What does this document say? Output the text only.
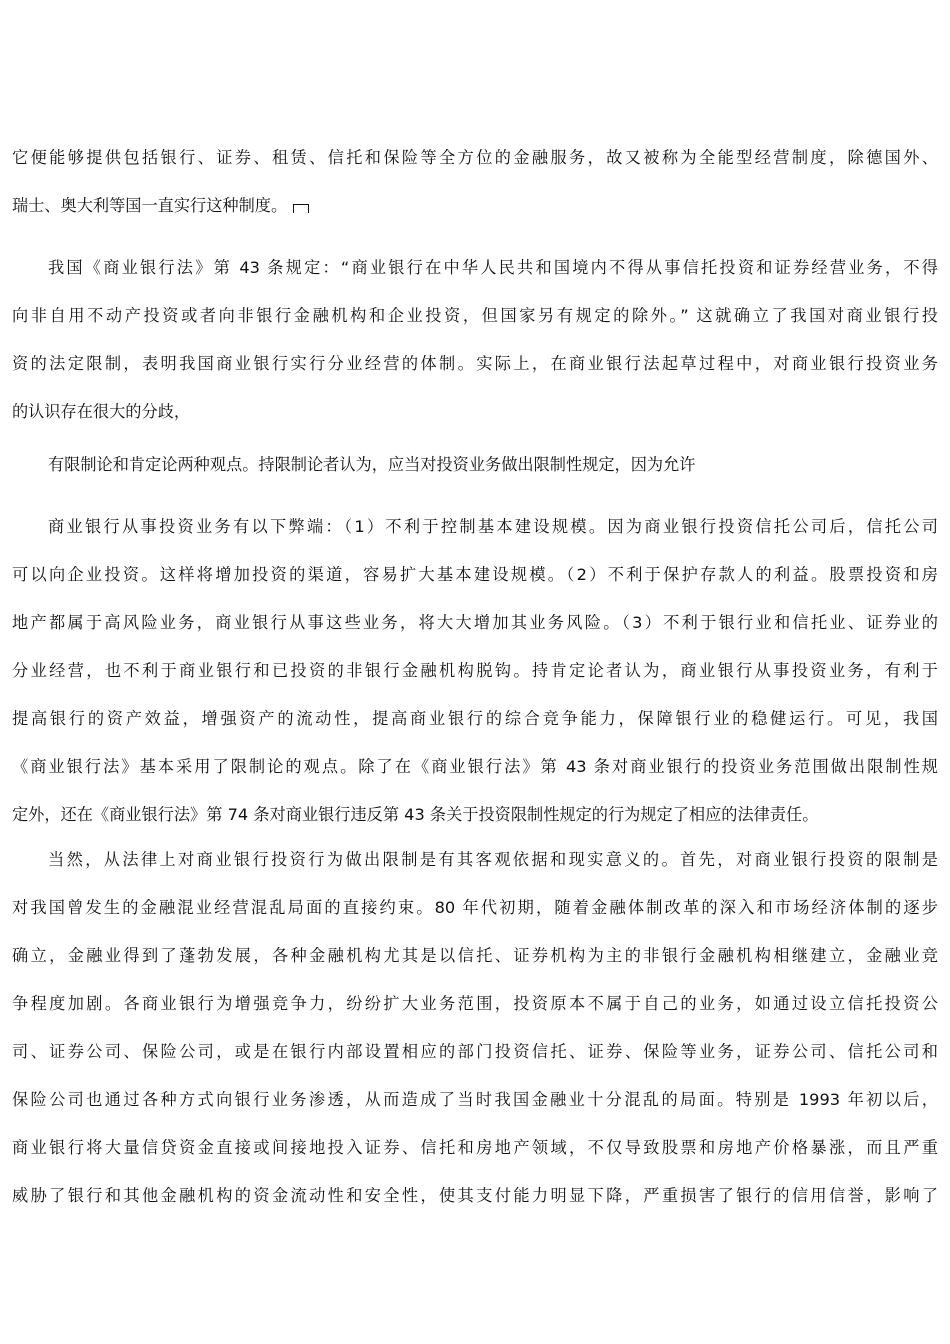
它便能够提供包括银行、证券、租赁、信托和保险等全方位的金融服务，故又被称为全能型经营制度，除德国外、
瑞士、奥大利等国一直实行这种制度。
我国《商业银行法》第 43 条规定：“商业银行在中华人民共和国境内不得从事信托投资和证券经营业务，不得
向非自用不动产投资或者向非银行金融机构和企业投资，但国家另有规定的除外。” 这就确立了我国对商业银行投
资的法定限制，表明我国商业银行实行分业经营的体制。实际上，在商业银行法起草过程中，对商业银行投资业务
的认识存在很大的分歧，
有限制论和肯定论两种观点。持限制论者认为，应当对投资业务做出限制性规定，因为允许
商业银行从事投资业务有以下弊端：（1）不利于控制基本建设规模。因为商业银行投资信托公司后，信托公司
可以向企业投资。这样将增加投资的渠道，容易扩大基本建设规模。（2）不利于保护存款人的利益。股票投资和房
地产都属于高风险业务，商业银行从事这些业务，将大大增加其业务风险。（3）不利于银行业和信托业、证券业的
分业经营，也不利于商业银行和已投资的非银行金融机构脱钩。持肯定论者认为，商业银行从事投资业务，有利于
提高银行的资产效益，增强资产的流动性，提高商业银行的综合竞争能力，保障银行业的稳健运行。可见，我国
《商业银行法》基本采用了限制论的观点。除了在《商业银行法》第 43 条对商业银行的投资业务范围做出限制性规
定外，还在《商业银行法》第 74 条对商业银行违反第 43 条关于投资限制性规定的行为规定了相应的法律责任。
当然，从法律上对商业银行投资行为做出限制是有其客观依据和现实意义的。首先，对商业银行投资的限制是
对我国曾发生的金融混业经营混乱局面的直接约束。80 年代初期，随着金融体制改革的深入和市场经济体制的逐步
确立，金融业得到了蓬勃发展，各种金融机构尤其是以信托、证券机构为主的非银行金融机构相继建立，金融业竞
争程度加剧。各商业银行为增强竞争力，纷纷扩大业务范围，投资原本不属于自己的业务，如通过设立信托投资公
司、证券公司、保险公司，或是在银行内部设置相应的部门投资信托、证券、保险等业务，证券公司、信托公司和
保险公司也通过各种方式向银行业务渗透，从而造成了当时我国金融业十分混乱的局面。特别是 1993 年初以后，
商业银行将大量信贷资金直接或间接地投入证券、信托和房地产领域，不仅导致股票和房地产价格暴涨，而且严重
威胁了银行和其他金融机构的资金流动性和安全性，使其支付能力明显下降，严重损害了银行的信用信誉，影响了
